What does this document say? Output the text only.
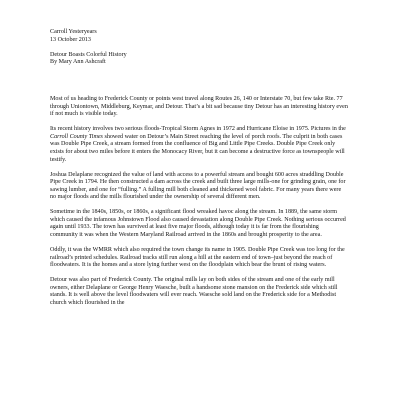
Carroll Yesteryears
13 October 2013

Detour Boasts Colorful History
By Mary Ann Ashcraft

Most of us heading to Frederick County or points west travel along Routes 26, 140 or Interstate 70, but few take Rte. 77 through Uniontown, Middleburg, Keymar, and Detour. That’s a bit sad because tiny Detour has an interesting history even if not much is visible today.

Its recent history involves two serious floods-Tropical Storm Agnes in 1972 and Hurricane Eloise in 1975. Pictures in the Carroll County Times showed water on Detour’s Main Street reaching the level of porch roofs. The culprit in both cases was Double Pipe Creek, a stream formed from the confluence of Big and Little Pipe Creeks. Double Pipe Creek only exists for about two miles before it enters the Monocacy River, but it can become a destructive force as townspeople will testify.

Joshua Delaplane recognized the value of land with access to a powerful stream and bought 600 acres straddling Double Pipe Creek in 1794. He then constructed a dam across the creek and built three large mills-one for grinding grain, one for sawing lumber, and one for “fulling.” A fulling mill both cleaned and thickened wool fabric. For many years there were no major floods and the mills flourished under the ownership of several different men.

Sometime in the 1840s, 1850s, or 1860s, a significant flood wreaked havoc along the stream. In 1889, the same storm which caused the infamous Johnstown Flood also caused devastation along Double Pipe Creek. Nothing serious occurred again until 1933. The town has survived at least five major floods, although today it is far from the flourishing community it was when the Western Maryland Railroad arrived in the 1860s and brought prosperity to the area.

Oddly, it was the WMRR which also required the town change its name in 1905. Double Pipe Creek was too long for the railroad’s printed schedules. Railroad tracks still run along a hill at the eastern end of town–just beyond the reach of floodwaters. It is the homes and a store lying further west on the floodplain which bear the brunt of rising waters.

Detour was also part of Frederick County. The original mills lay on both sides of the stream and one of the early mill owners, either Delaplane or George Henry Waesche, built a handsome stone mansion on the Frederick side which still stands. It is well above the level floodwaters will ever reach. Waesche sold land on the Frederick side for a Methodist church which flourished in the
